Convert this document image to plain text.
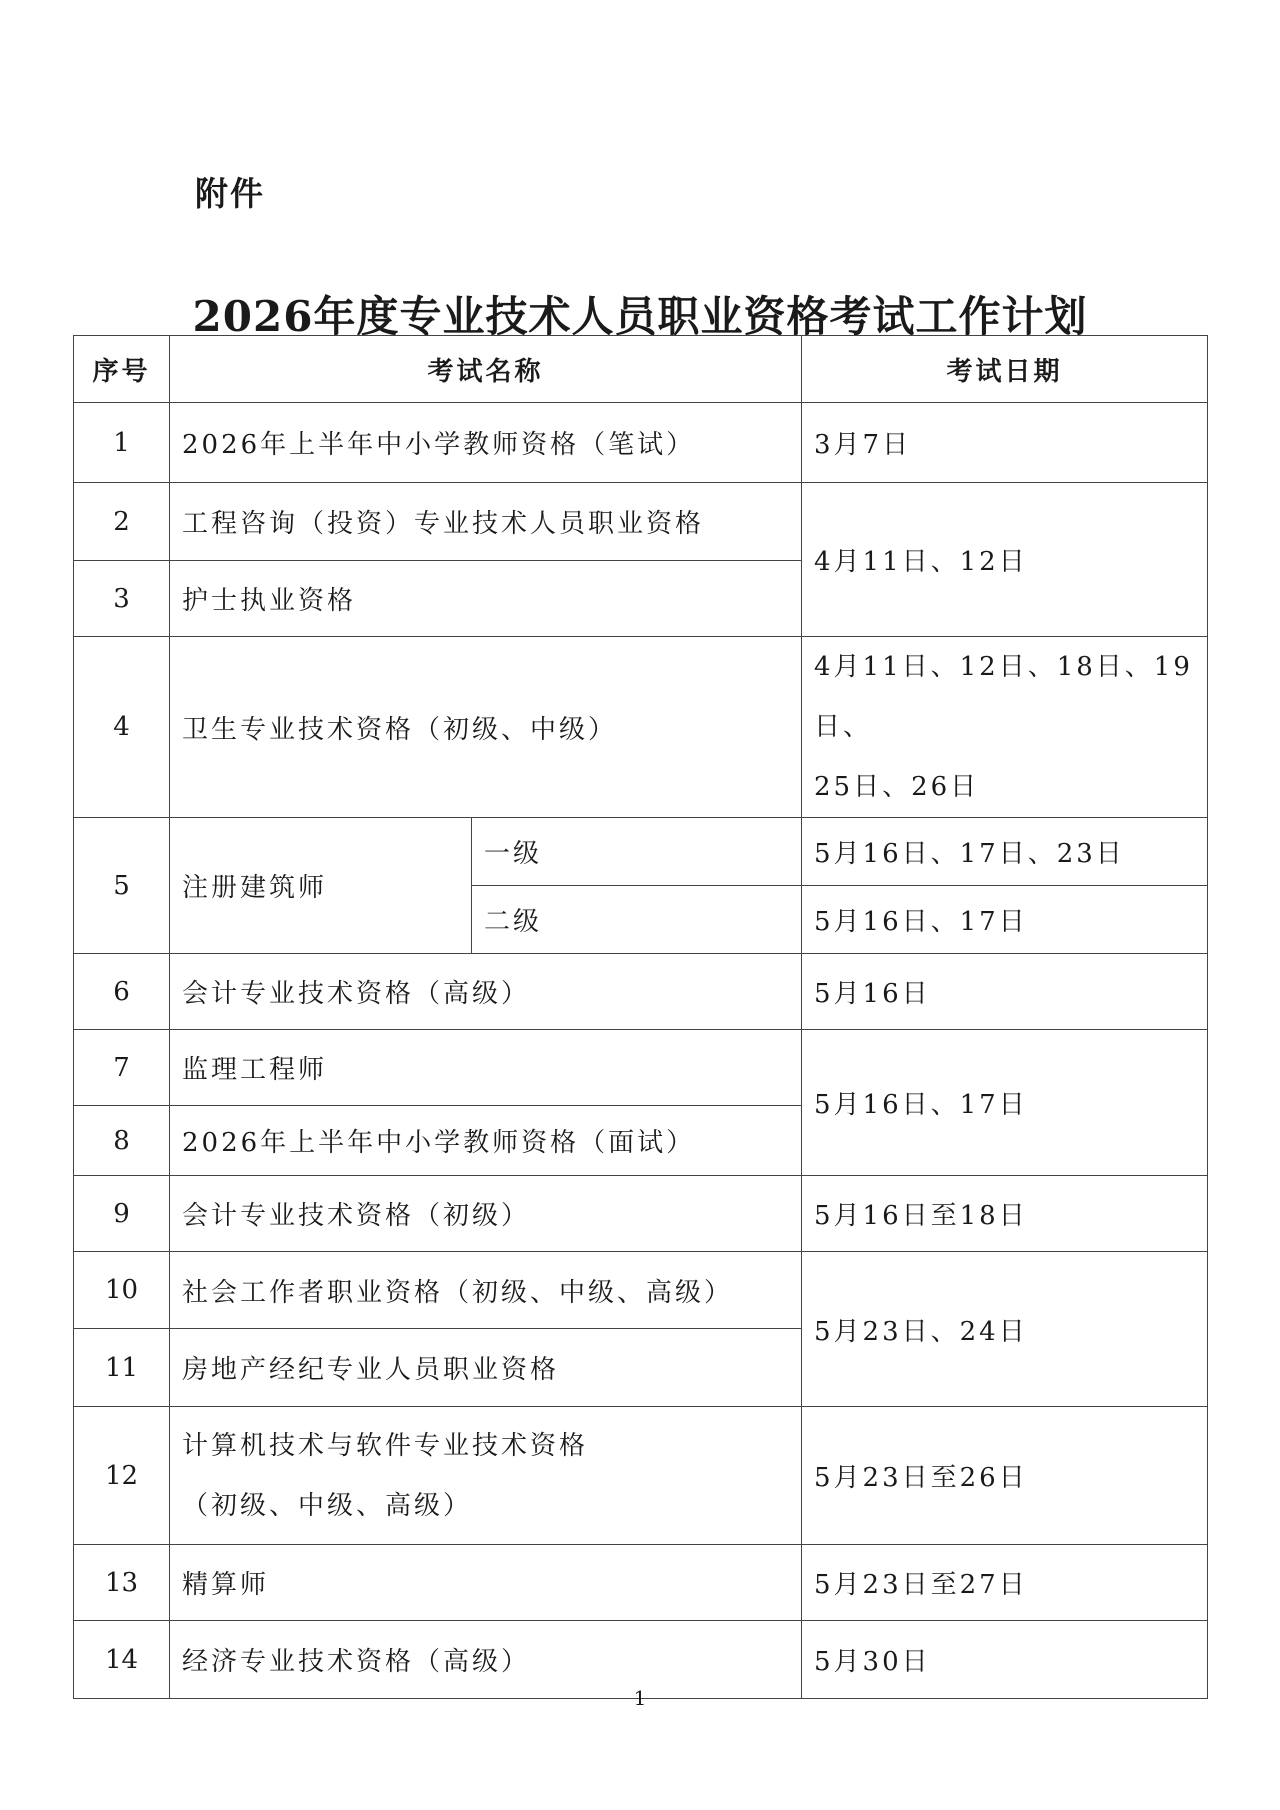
附件
2026年度专业技术人员职业资格考试工作计划
序号	考试名称		考试日期
1	2026年上半年中小学教师资格（笔试）		3月7日
2	工程咨询（投资）专业技术人员职业资格		4月11日、12日
3	护士执业资格		
4	卫生专业技术资格（初级、中级）		4月11日、12日、18日、19日、
25日、26日

5	注册建筑师	一级	5月16日、17日、23日
		二级	5月16日、17日
6	会计专业技术资格（高级）		5月16日
7	监理工程师		5月16日、17日
8	2026年上半年中小学教师资格（面试）		
9	会计专业技术资格（初级）		5月16日至18日
10	社会工作者职业资格（初级、中级、高级）		5月23日、24日
11	房地产经纪专业人员职业资格		
12	计算机技术与软件专业技术资格
（初级、中级、高级）		5月23日至26日
13	精算师		5月23日至27日
14	经济专业技术资格（高级）		5月30日
1
